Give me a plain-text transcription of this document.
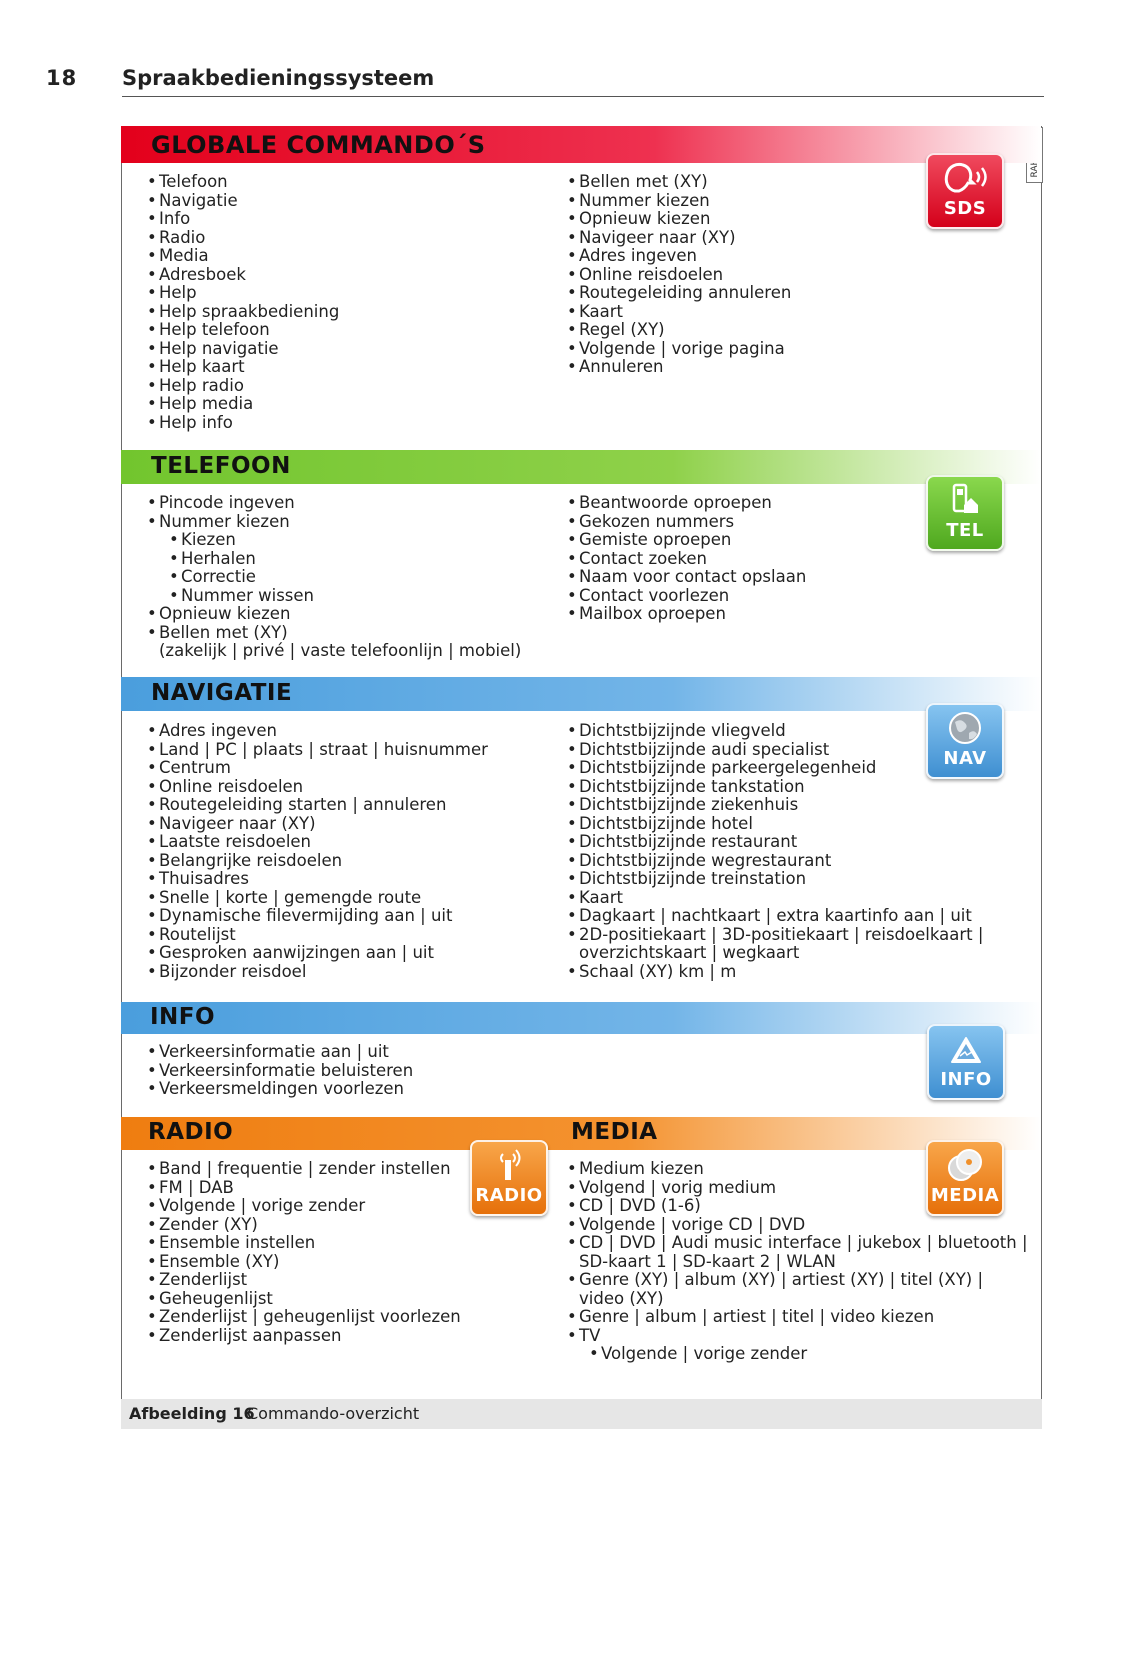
18 Spraakbedieningssysteem
GLOBALE COMMANDO´S
• Telefoon
• Navigatie
• Info
• Radio
• Media
• Adresboek
• Help
• Help spraakbediening
• Help telefoon
• Help navigatie
• Help kaart
• Help radio
• Help media
• Help info
• Bellen met (XY)
• Nummer kiezen
• Opnieuw kiezen
• Navigeer naar (XY)
• Adres ingeven
• Online reisdoelen
• Routegeleiding annuleren
• Kaart
• Regel (XY)
• Volgende | vorige pagina
• Annuleren
SDS
TELEFOON
• Pincode ingeven
• Nummer kiezen
• Kiezen
• Herhalen
• Correctie
• Nummer wissen
• Opnieuw kiezen
• Bellen met (XY)
(zakelijk | privé | vaste telefoonlijn | mobiel)
• Beantwoorde oproepen
• Gekozen nummers
• Gemiste oproepen
• Contact zoeken
• Naam voor contact opslaan
• Contact voorlezen
• Mailbox oproepen
TEL
NAVIGATIE
• Adres ingeven
• Land | PC | plaats | straat | huisnummer
• Centrum
• Online reisdoelen
• Routegeleiding starten | annuleren
• Navigeer naar (XY)
• Laatste reisdoelen
• Belangrijke reisdoelen
• Thuisadres
• Snelle | korte | gemengde route
• Dynamische filevermijding aan | uit
• Routelijst
• Gesproken aanwijzingen aan | uit
• Bijzonder reisdoel
• Dichtstbijzijnde vliegveld
• Dichtstbijzijnde audi specialist
• Dichtstbijzijnde parkeergelegenheid
• Dichtstbijzijnde tankstation
• Dichtstbijzijnde ziekenhuis
• Dichtstbijzijnde hotel
• Dichtstbijzijnde restaurant
• Dichtstbijzijnde wegrestaurant
• Dichtstbijzijnde treinstation
• Kaart
• Dagkaart | nachtkaart | extra kaartinfo aan | uit
• 2D-positiekaart | 3D-positiekaart | reisdoelkaart |
overzichtskaart | wegkaart
• Schaal (XY) km | m
NAV
INFO
• Verkeersinformatie aan | uit
• Verkeersinformatie beluisteren
• Verkeersmeldingen voorlezen	INFO
RADIO	MEDIA
• Band | frequentie | zender instellen
• FM | DAB
• Volgende | vorige zender
• Zender (XY)
• Ensemble instellen
• Ensemble (XY)
• Zenderlijst
• Geheugenlijst
• Zenderlijst | geheugenlijst voorlezen
• Zenderlijst aanpassen
RADIO
• Medium kiezen
• Volgend | vorig medium
• CD | DVD (1-6)
• Volgende | vorige CD | DVD
• CD | DVD | Audi music interface | jukebox | bluetooth |
SD-kaart 1 | SD-kaart 2 | WLAN
• Genre (XY) | album (XY) | artiest (XY) | titel (XY) |
video (XY)
• Genre | album | artiest | titel | video kiezen
• TV
• Volgende | vorige zender
MEDIA
Afbeelding 16
Commando-overzicht
